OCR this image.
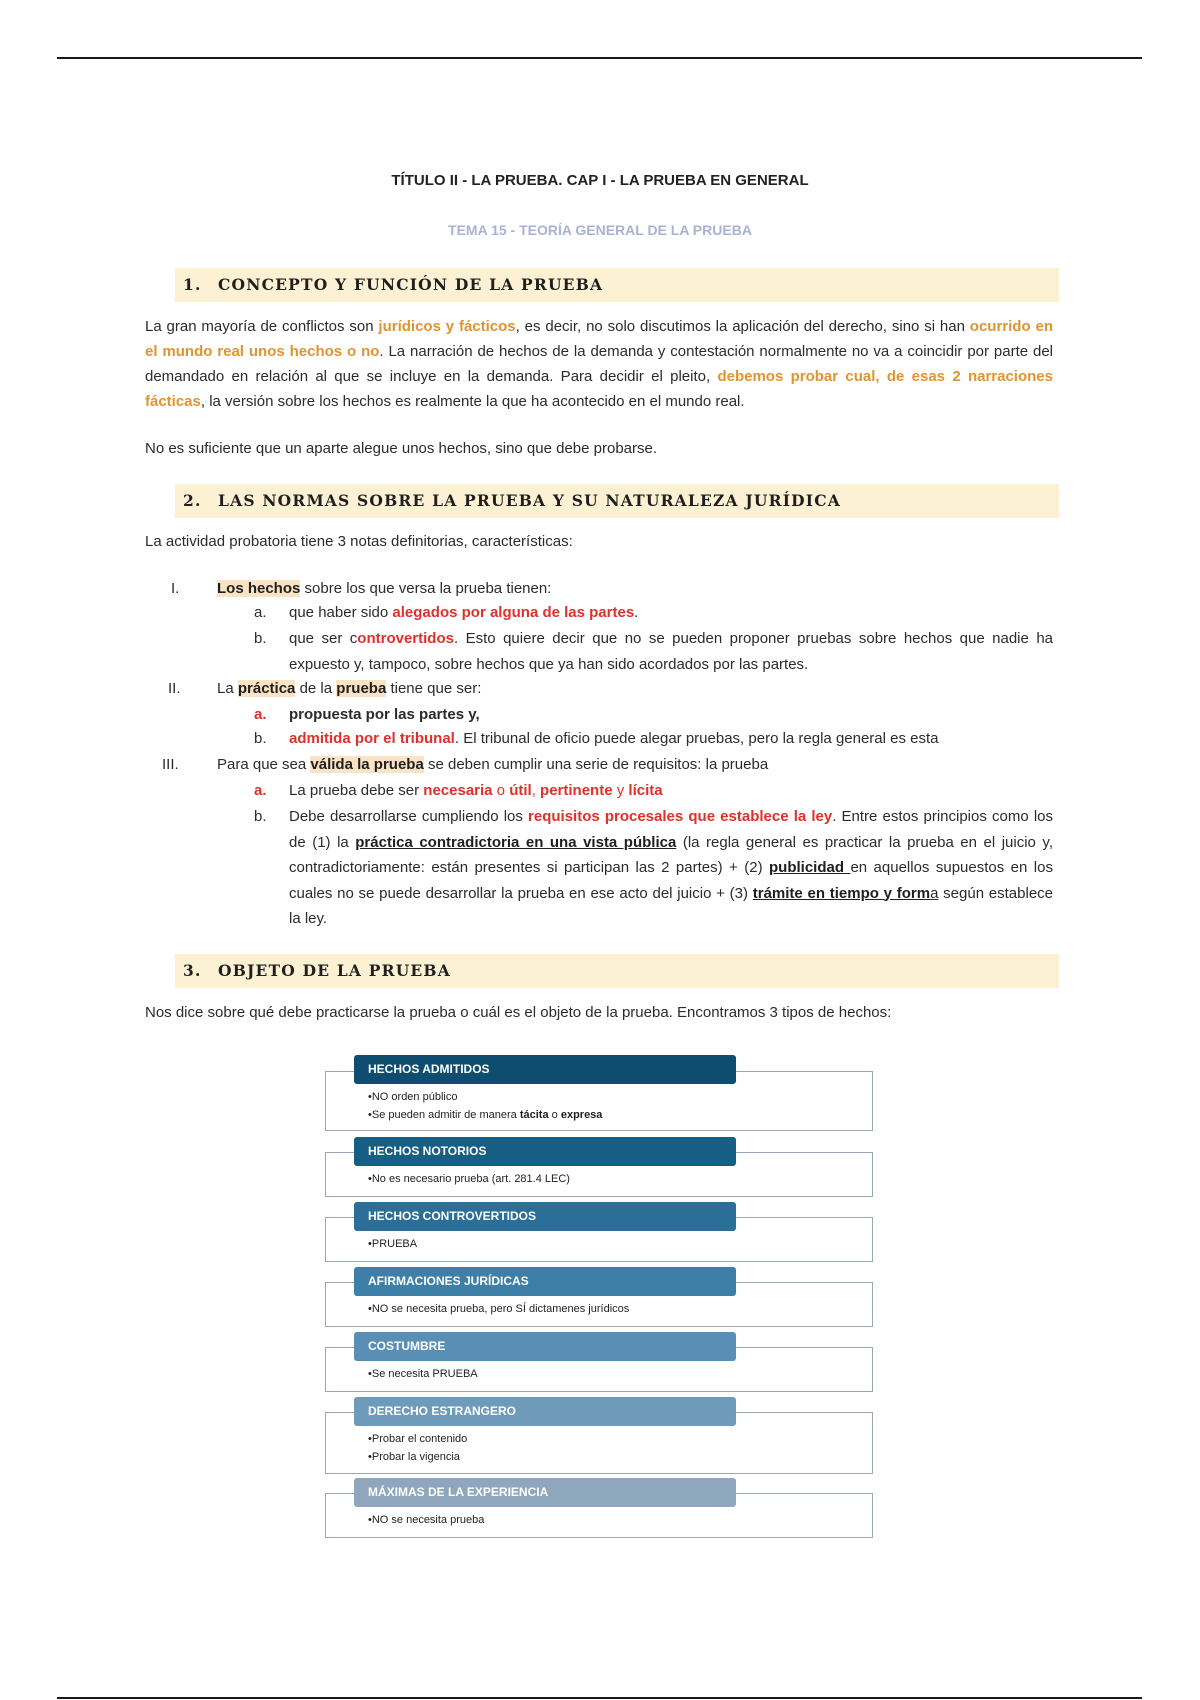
TÍTULO II - LA PRUEBA. CAP I - LA PRUEBA EN GENERAL
TEMA 15 - TEORÍA GENERAL DE LA PRUEBA
1. CONCEPTO Y FUNCIÓN DE LA PRUEBA
La gran mayoría de conflictos son jurídicos y fácticos, es decir, no solo discutimos la aplicación del derecho, sino si han ocurrido en el mundo real unos hechos o no. La narración de hechos de la demanda y contestación normalmente no va a coincidir por parte del demandado en relación al que se incluye en la demanda. Para decidir el pleito, debemos probar cual, de esas 2 narraciones fácticas, la versión sobre los hechos es realmente la que ha acontecido en el mundo real.
No es suficiente que un aparte alegue unos hechos, sino que debe probarse.
2. LAS NORMAS SOBRE LA PRUEBA Y SU NATURALEZA JURÍDICA
La actividad probatoria tiene 3 notas definitorias, características:
I.	Los hechos sobre los que versa la prueba tienen:
a. que haber sido alegados por alguna de las partes.
b. que ser controvertidos. Esto quiere decir que no se pueden proponer pruebas sobre hechos que nadie ha expuesto y, tampoco, sobre hechos que ya han sido acordados por las partes.
II. La práctica de la prueba tiene que ser:
a. propuesta por las partes y,
b. admitida por el tribunal. El tribunal de oficio puede alegar pruebas, pero la regla general es esta
III.	Para que sea válida la prueba se deben cumplir una serie de requisitos: la prueba
a. La prueba debe ser necesaria o útil, pertinente y lícita
b. Debe desarrollarse cumpliendo los requisitos procesales que establece la ley. Entre estos principios como los de (1) la práctica contradictoria en una vista pública (la regla general es practicar la prueba en el juicio y, contradictoriamente: están presentes si participan las 2 partes) + (2) publicidad en aquellos supuestos en los cuales no se puede desarrollar la prueba en ese acto del juicio + (3) trámite en tiempo y forma según establece la ley.
3. OBJETO DE LA PRUEBA
Nos dice sobre qué debe practicarse la prueba o cuál es el objeto de la prueba. Encontramos 3 tipos de hechos:
HECHOS ADMITIDOS
•NO orden público
•Se pueden admitir de manera tácita o expresa
HECHOS NOTORIOS
•No es necesario prueba (art. 281.4 LEC)
HECHOS CONTROVERTIDOS
•PRUEBA
AFIRMACIONES JURÍDICAS
•NO se necesita prueba, pero SÍ dictamenes jurídicos
COSTUMBRE
•Se necesita PRUEBA
DERECHO ESTRANGERO
•Probar el contenido
•Probar la vigencia
MÁXIMAS DE LA EXPERIENCIA
•NO se necesita prueba
